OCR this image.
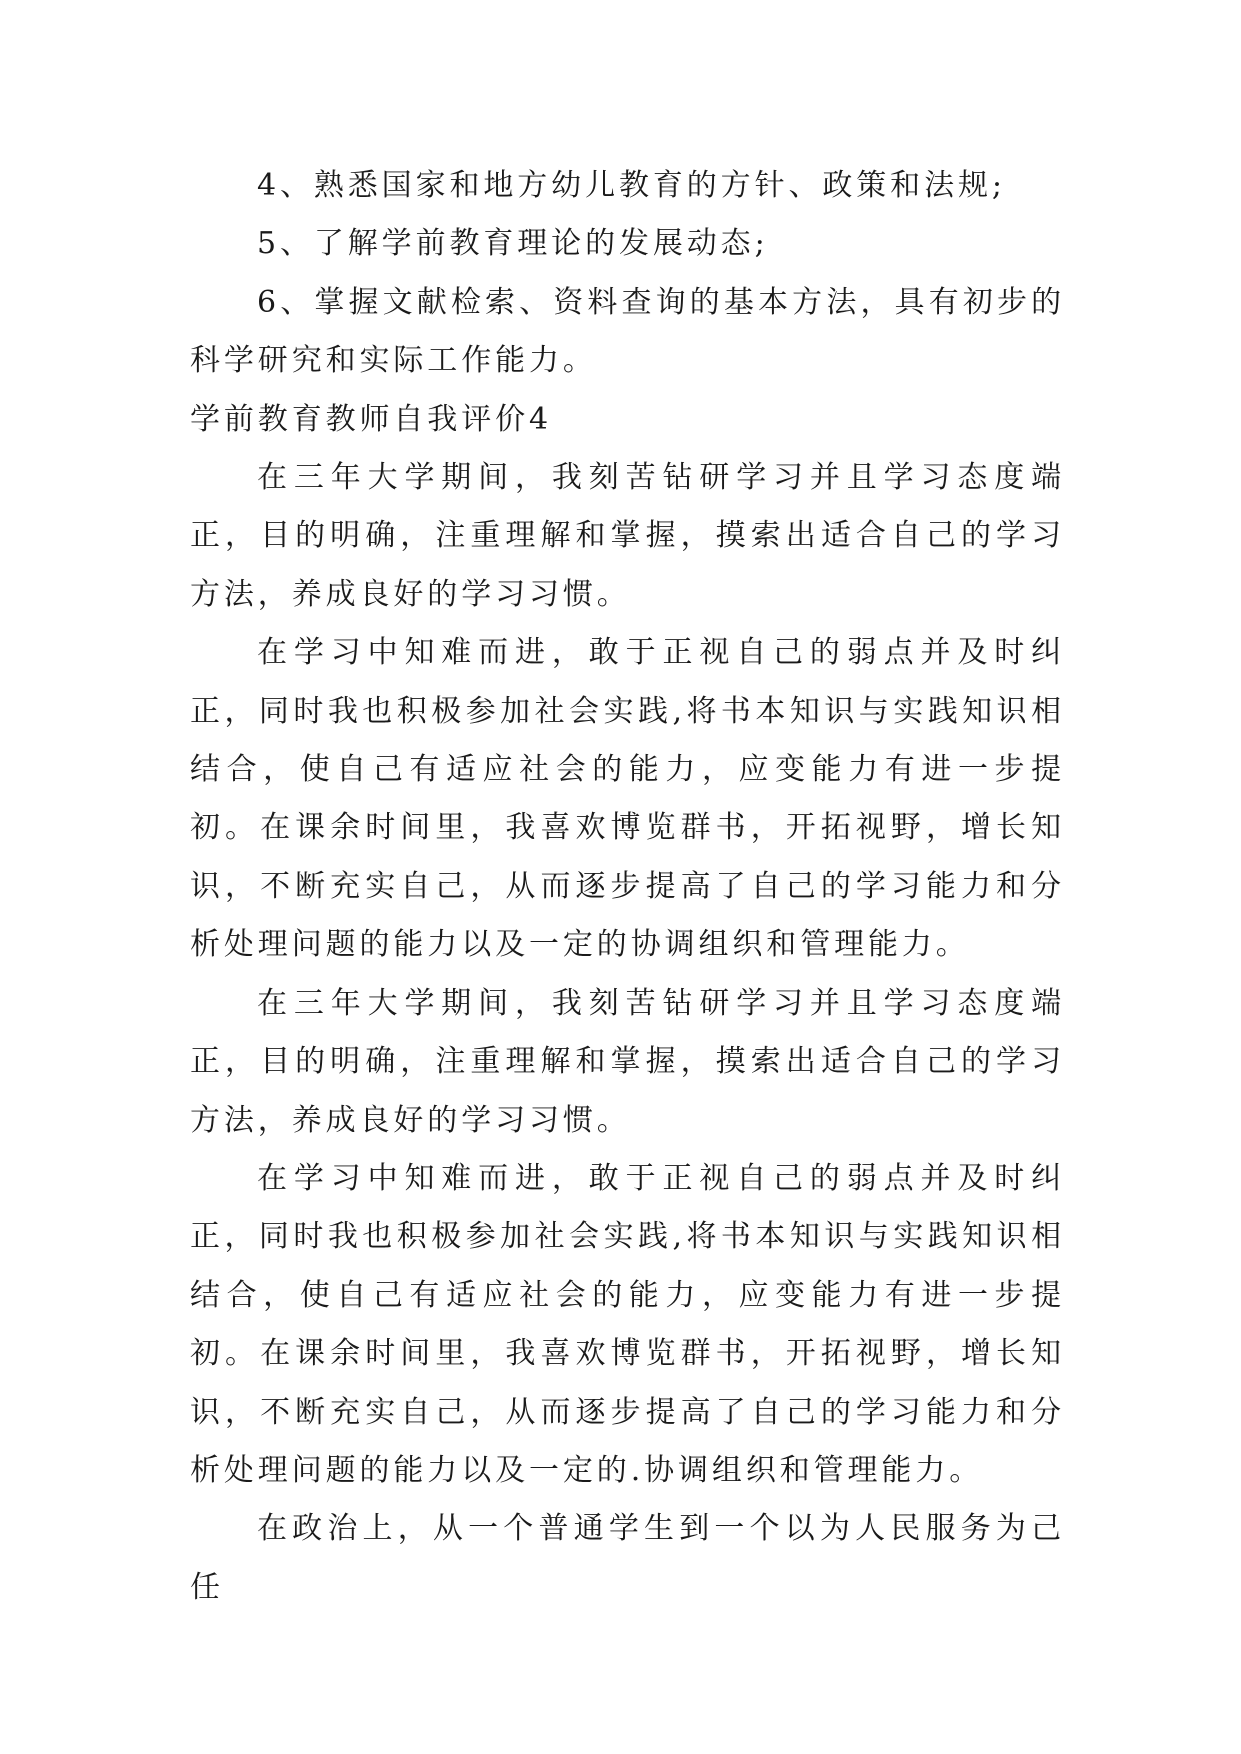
4、熟悉国家和地方幼儿教育的方针、政策和法规;

5、了解学前教育理论的发展动态;

6、掌握文献检索、资料查询的基本方法，具有初步的科学研究和实际工作能力。

学前教育教师自我评价4

在三年大学期间，我刻苦钻研学习并且学习态度端正，目的明确，注重理解和掌握，摸索出适合自己的学习方法，养成良好的学习习惯。

在学习中知难而进，敢于正视自己的弱点并及时纠正，同时我也积极参加社会实践,将书本知识与实践知识相结合，使自己有适应社会的能力，应变能力有进一步提初。在课余时间里，我喜欢博览群书，开拓视野，增长知识，不断充实自己，从而逐步提高了自己的学习能力和分析处理问题的能力以及一定的协调组织和管理能力。

在三年大学期间，我刻苦钻研学习并且学习态度端正，目的明确，注重理解和掌握，摸索出适合自己的学习方法，养成良好的学习习惯。

在学习中知难而进，敢于正视自己的弱点并及时纠正，同时我也积极参加社会实践,将书本知识与实践知识相结合，使自己有适应社会的能力，应变能力有进一步提初。在课余时间里，我喜欢博览群书，开拓视野，增长知识，不断充实自己，从而逐步提高了自己的学习能力和分析处理问题的能力以及一定的.协调组织和管理能力。

在政治上，从一个普通学生到一个以为人民服务为己任
